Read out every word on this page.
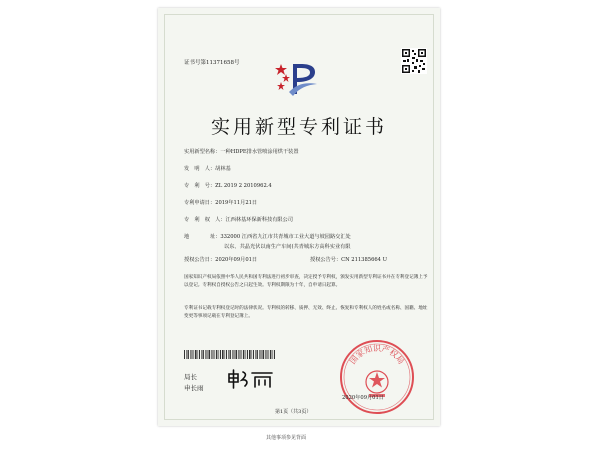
证书号第11371658号
实用新型专利证书
实用新型名称：一种HDPE排水管喷涂用烘干装置
发　明　人：胡林基
专　利　号：ZL 2019 2 2010962.4
专利申请日：2019年11月21日
专　利　权　人：江西林基环保新科技有限公司
地　　　　址：332000 江西省九江市共青城市工业大道与坡园路交汇处
以东、共晶光伏以南生产车间(共青城东方高科实业有限
授权公告日：2020年09月01日	授权公告号：CN 211385664 U
国家知识产权局依照中华人民共和国专利法进行初步审查，决定授予专利权，颁发实用新型专利证书并在专利登记簿上予以登记。专利权自授权公告之日起生效。专利权期限为十年，自申请日起算。
专利证书记载专利权登记时的法律状况。专利权的转移、质押、无效、终止、恢复和专利权人的姓名或名称、国籍、地址变更等事项记载在专利登记簿上。
局长
申长雨
国家知识产权局
2020年09月01日
第1页（共3页）
其他事项参见背面
